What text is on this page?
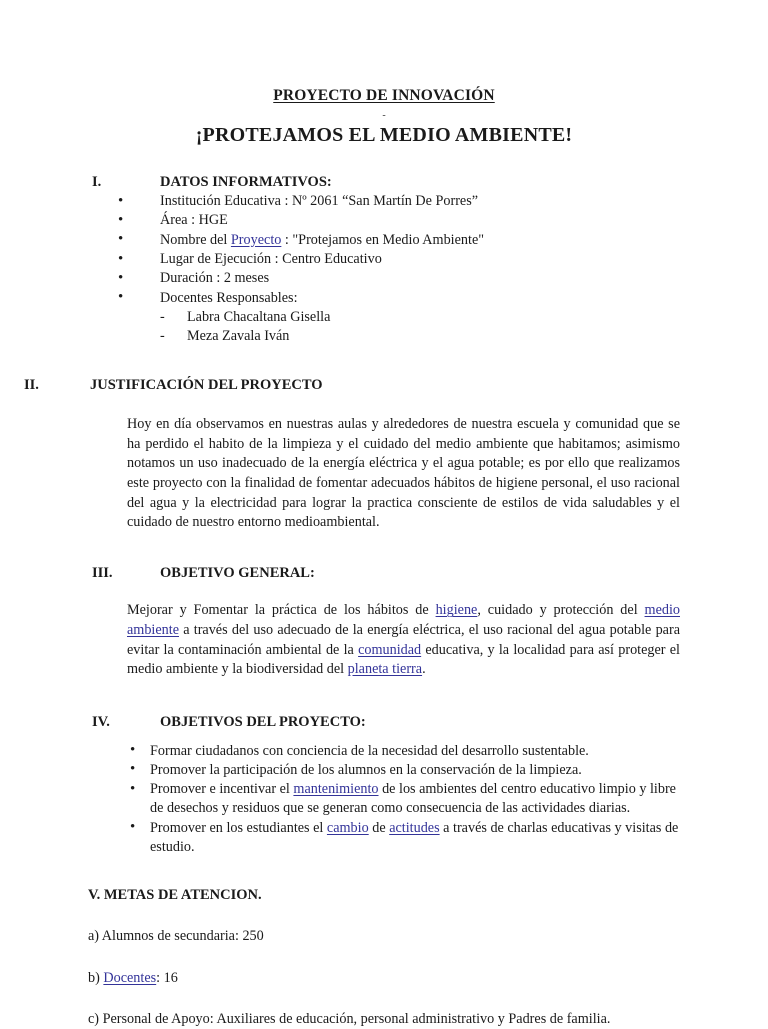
PROYECTO DE INNOVACIÓN
-
¡PROTEJAMOS EL MEDIO AMBIENTE!
I.	DATOS INFORMATIVOS:
• Institución Educativa : Nº 2061 “San Martín De Porres”
• Área : HGE
• Nombre del Proyecto : "Protejamos en Medio Ambiente"
• Lugar de Ejecución : Centro Educativo
• Duración : 2 meses
• Docentes Responsables:
- Labra Chacaltana Gisella
- Meza Zavala Iván
II.	JUSTIFICACIÓN DEL PROYECTO

Hoy en día observamos en nuestras aulas y alrededores de nuestra escuela y comunidad que se ha perdido el habito de la limpieza y el cuidado del medio ambiente que habitamos; asimismo notamos un uso inadecuado de la energía eléctrica y el agua potable; es por ello que realizamos este proyecto con la finalidad de fomentar adecuados hábitos de higiene personal, el uso racional del agua y la electricidad para lograr la practica consciente de estilos de vida saludables y el cuidado de nuestro entorno medioambiental.

III.	OBJETIVO GENERAL:

Mejorar y Fomentar la práctica de los hábitos de higiene, cuidado y protección del medio ambiente a través del uso adecuado de la energía eléctrica, el uso racional del agua potable para evitar la contaminación ambiental de la comunidad educativa, y la localidad para así proteger el medio ambiente y la biodiversidad del planeta tierra.

IV.	OBJETIVOS DEL PROYECTO:
• Formar ciudadanos con conciencia de la necesidad del desarrollo sustentable.
• Promover la participación de los alumnos en la conservación de la limpieza.
• Promover e incentivar el mantenimiento de los ambientes del centro educativo limpio y libre de desechos y residuos que se generan como consecuencia de las actividades diarias.
• Promover en los estudiantes el cambio de actitudes a través de charlas educativas y visitas de estudio.
V. METAS DE ATENCION.

a) Alumnos de secundaria: 250

b) Docentes: 16

c) Personal de Apoyo: Auxiliares de educación, personal administrativo y Padres de familia.
